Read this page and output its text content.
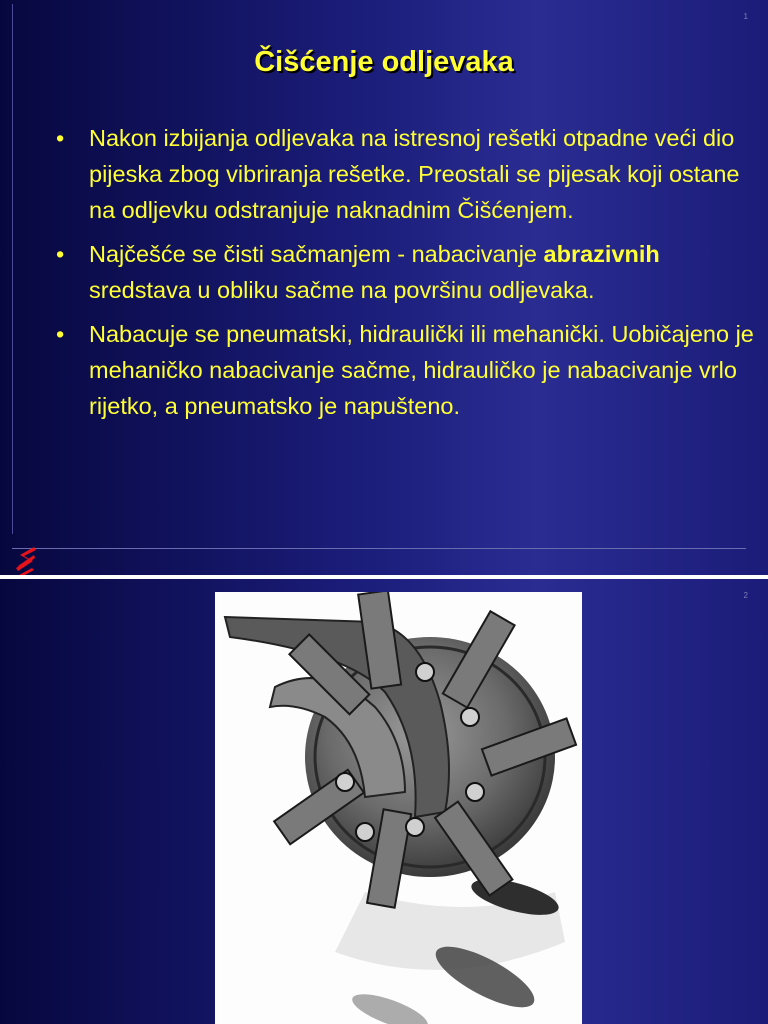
1
Čišćenje odljevaka
• Nakon izbijanja odljevaka na istresnoj rešetki otpadne veći dio pijeska zbog vibriranja rešetke. Preostali se pijesak koji ostane na odljevku odstranjuje naknadnim Čišćenjem.
• Najčešće se čisti sačmanjem - nabacivanje abrazivnih sredstava u obliku sačme na površinu odljevaka.
• Nabacuje se pneumatski, hidraulički ili mehanički. Uobičajeno je mehaničko nabacivanje sačme, hidrauličko je nabacivanje vrlo rijetko, a pneumatsko je napušteno.
2
